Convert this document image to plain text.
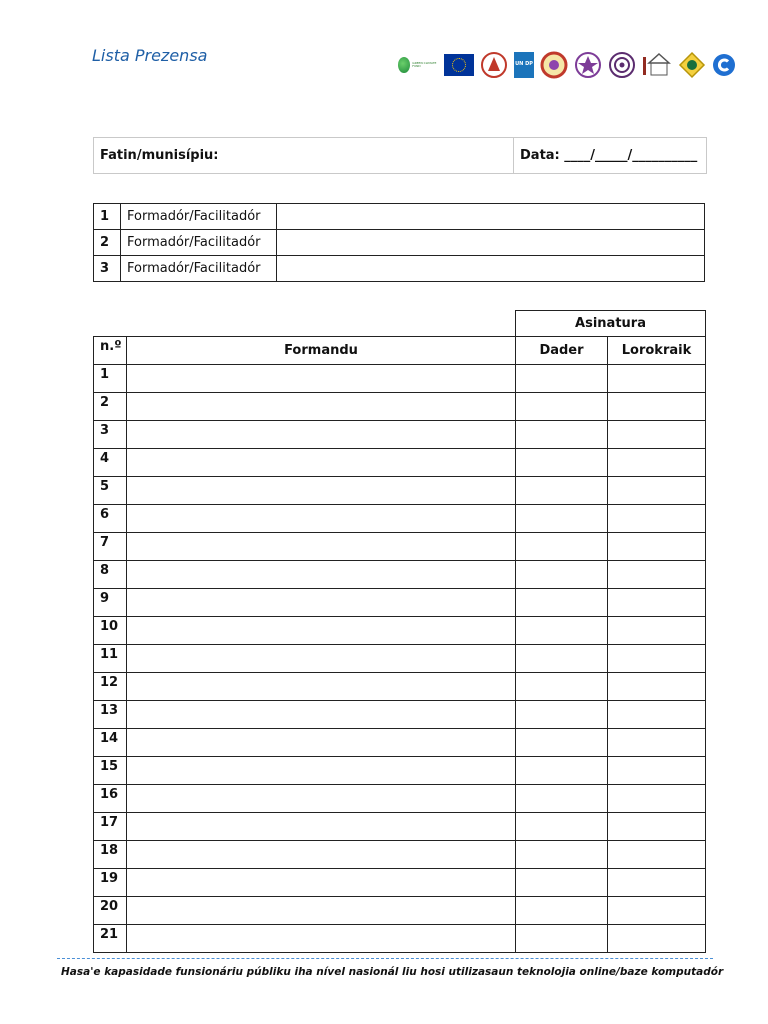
Lista Prezensa	GREEN CLIMATE FUND	UN DP
Fatin/munisípiu:	Data: ____/_____/__________
1	Formadór/Facilitadór	
2	Formadór/Facilitadór	
3	Formadór/Facilitadór	
		Asinatura	
n.º	Formandu	Dader	Lorokraik
1			
2			
3			
4			
5			
6			
7			
8			
9			
10			
11			
12			
13			
14			
15			
16			
17			
18			
19			
20			
21			
Hasa'e kapasidade funsionáriu públiku iha nível nasionál liu hosi utilizasaun teknolojia online/baze komputadór
